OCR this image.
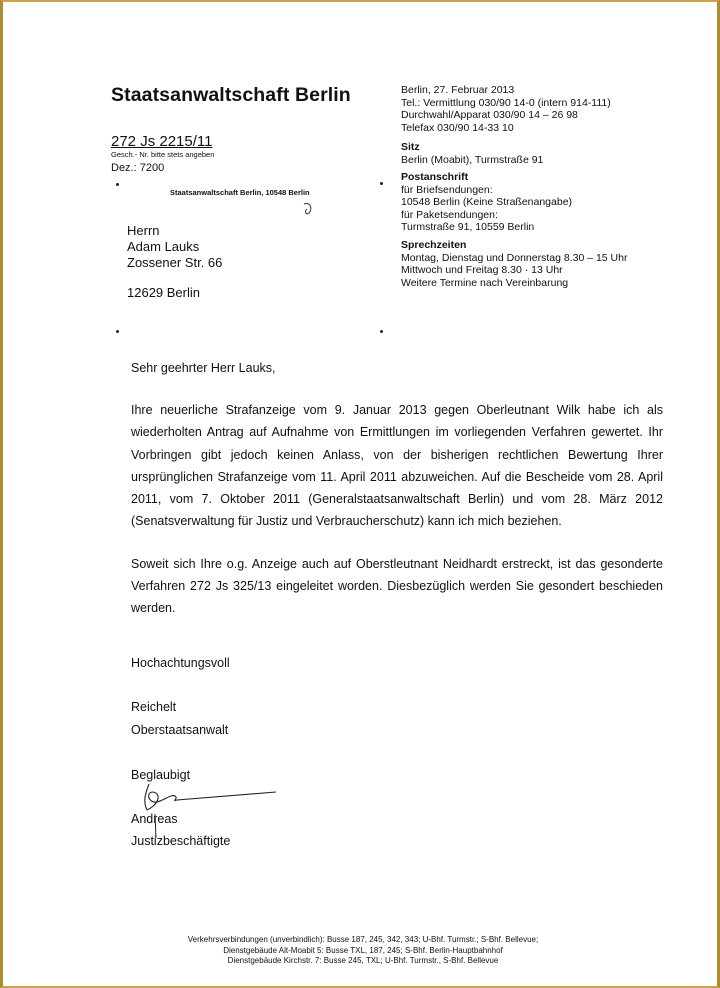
Staatsanwaltschaft Berlin
272 Js 2215/11
Gesch.- Nr. bitte stets angeben
Dez.: 7200
Staatsanwaltschaft Berlin, 10548 Berlin
Herrn
Adam Lauks
Zossener Str. 66
12629 Berlin
Berlin, 27. Februar 2013
Tel.: Vermittlung 030/90 14-0 (intern 914-111)
Durchwahl/Apparat 030/90 14 – 26 98
Telefax 030/90 14-33 10
Sitz
Berlin (Moabit), Turmstraße 91
Postanschrift
für Briefsendungen:
10548 Berlin (Keine Straßenangabe)
für Paketsendungen:
Turmstraße 91, 10559 Berlin
Sprechzeiten
Montag, Dienstag und Donnerstag 8.30 – 15 Uhr
Mittwoch und Freitag 8.30 · 13 Uhr
Weitere Termine nach Vereinbarung

Sehr geehrter Herr Lauks,

Ihre neuerliche Strafanzeige vom 9. Januar 2013 gegen Oberleutnant Wilk habe ich als wiederholten Antrag auf Aufnahme von Ermittlungen im vorliegenden Verfahren gewertet. Ihr Vorbringen gibt jedoch keinen Anlass, von der bisherigen rechtlichen Bewertung Ihrer ursprünglichen Strafanzeige vom 11. April 2011 abzuweichen. Auf die Bescheide vom 28. April 2011, vom 7. Oktober 2011 (Generalstaatsanwaltschaft Berlin) und vom 28. März 2012 (Senatsverwaltung für Justiz und Verbraucherschutz) kann ich mich beziehen.

Soweit sich Ihre o.g. Anzeige auch auf Oberstleutnant Neidhardt erstreckt, ist das gesonderte Verfahren 272 Js 325/13 eingeleitet worden. Diesbezüglich werden Sie gesondert beschieden werden.

Hochachtungsvoll
Reichelt
Oberstaatsanwalt
Beglaubigt
Andreas
Justizbeschäftigte
Verkehrsverbindungen (unverbindlich): Busse 187, 245, 342, 343; U-Bhf. Turmstr.; S-Bhf. Bellevue;
Dienstgebäude Alt-Moabit 5: Busse TXL, 187, 245; S-Bhf. Berlin-Hauptbahnhof
Dienstgebäude Kirchstr. 7: Busse 245, TXL; U-Bhf. Turmstr., S-Bhf. Bellevue
